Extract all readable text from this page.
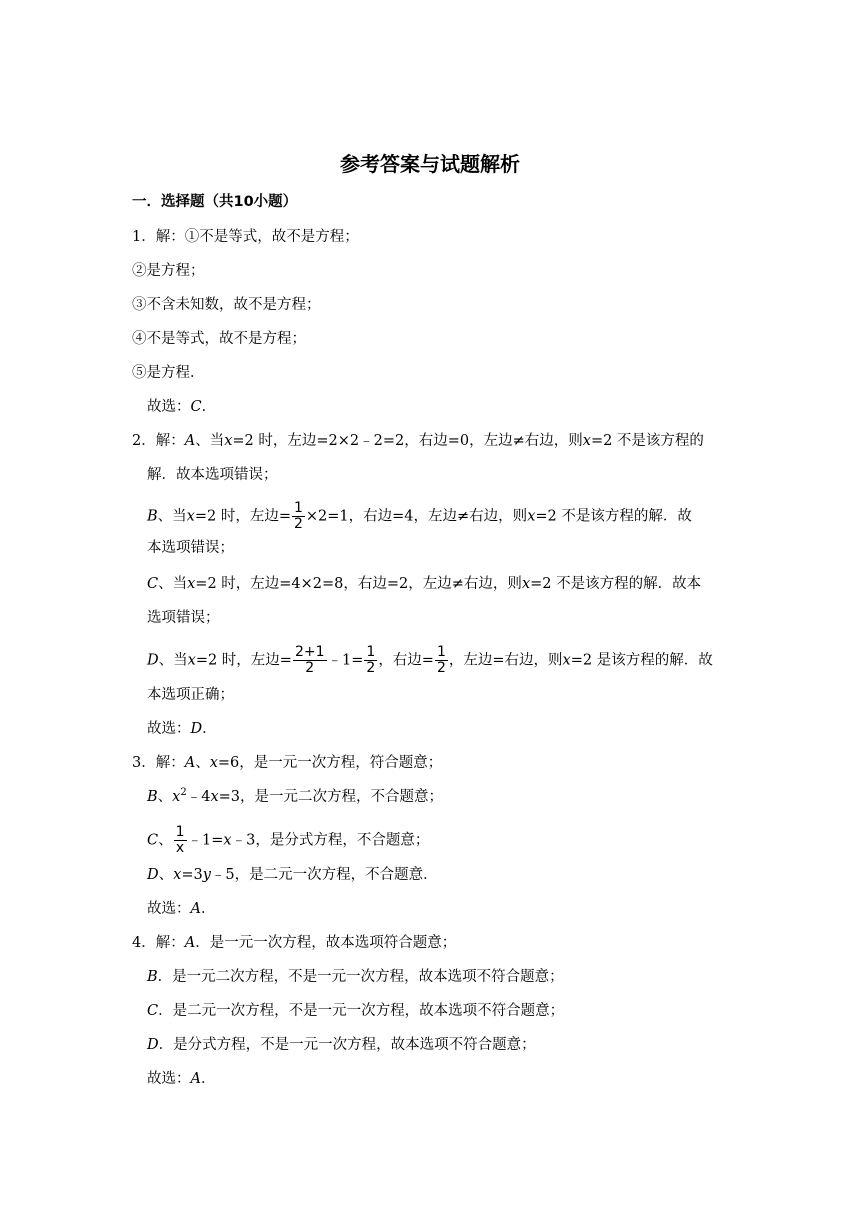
参考答案与试题解析
一．选择题（共10小题）
1．解：①不是等式，故不是方程；
②是方程；
③不含未知数，故不是方程；
④不是等式，故不是方程；
⑤是方程．
故选：C．
2．解：A、当x=2 时，左边=2×2﹣2=2，右边=0，左边≠右边，则x=2 不是该方程的
解．故本选项错误；
B、当x=2 时，左边= $\frac{1}{2} \times 2=1$，右边=4，左边≠右边，则x=2 不是该方程的解．故
本选项错误；
C、当x=2 时，左边=4×2=8，右边=2，左边≠右边，则x=2 不是该方程的解．故本
选项错误；
D、当x=2 时，左边= $\frac{2+1}{2}$ ﹣1= $\frac{1}{2}$ ，右边= $\frac{1}{2}$ ，左边=右边，则x=2 是该方程的解．故
本选项正确；
故选：D．
3．解：A、x=6，是一元一次方程，符合题意；
B、$x^2﹣4x=3$，是一元二次方程，不合题意；
C、 $\frac{1}{x}$ ﹣1=x﹣3，是分式方程，不合题意；
D、x=3y﹣5，是二元一次方程，不合题意．
故选：A．
4．解：A．是一元一次方程，故本选项符合题意；
B．是一元二次方程，不是一元一次方程，故本选项不符合题意；
C．是二元一次方程，不是一元一次方程，故本选项不符合题意；
D．是分式方程，不是一元一次方程，故本选项不符合题意；
故选：A．
